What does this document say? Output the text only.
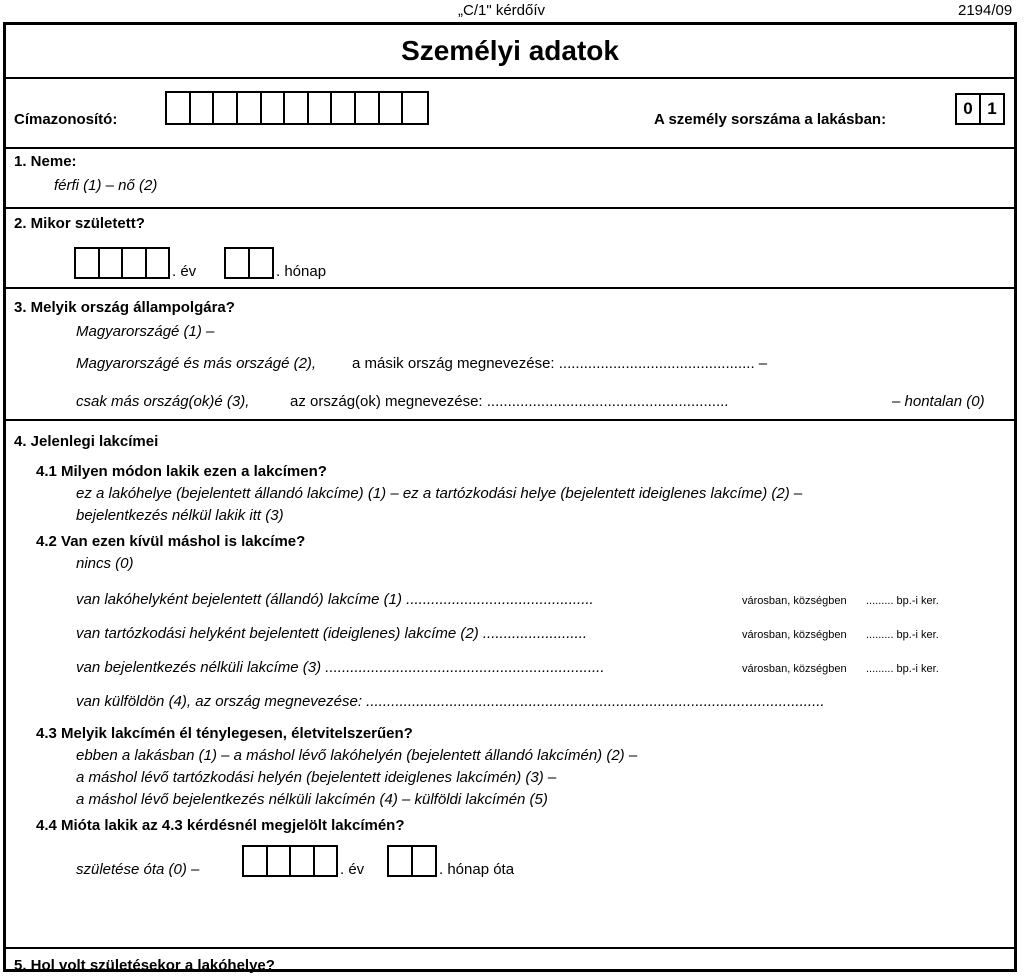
„C/1" kérdőív	2194/09
Személyi adatok
Címazonosító:	A személy sorszáma a lakásban:
0 1
1. Neme:
férfi (1) – nő (2)
2. Mikor született?
. év	. hónap
3. Melyik ország állampolgára?
Magyarországé (1) –
Magyarországé és más országé (2), a másik ország megnevezése: ............................................... –
csak más ország(ok)é (3),	az ország(ok) megnevezése: ..........................................................	– hontalan (0)
4. Jelenlegi lakcímei
4.1 Milyen módon lakik ezen a lakcímen?
ez a lakóhelye (bejelentett állandó lakcíme) (1) – ez a tartózkodási helye (bejelentett ideiglenes lakcíme) (2) –
bejelentkezés nélkül lakik itt (3)
4.2 Van ezen kívül máshol is lakcíme?
nincs (0)
van lakóhelyként bejelentett (állandó) lakcíme (1) .............................................	városban, községben ......... bp.-i ker.
van tartózkodási helyként bejelentett (ideiglenes) lakcíme (2) .........................	városban, községben ......... bp.-i ker.
van bejelentkezés nélküli lakcíme (3) ...................................................................	városban, községben ......... bp.-i ker.
van külföldön (4), az ország megnevezése: ..............................................................................................................
4.3 Melyik lakcímén él ténylegesen, életvitelszerűen?
ebben a lakásban (1) – a máshol lévő lakóhelyén (bejelentett állandó lakcímén) (2) –
a máshol lévő tartózkodási helyén (bejelentett ideiglenes lakcímén) (3) –
a máshol lévő bejelentkezés nélküli lakcímén (4) – külföldi lakcímén (5)
4.4 Mióta lakik az 4.3 kérdésnél megjelölt lakcímén?
születése óta (0) –	. év	. hónap óta
5. Hol volt születésekor a lakóhelye?
